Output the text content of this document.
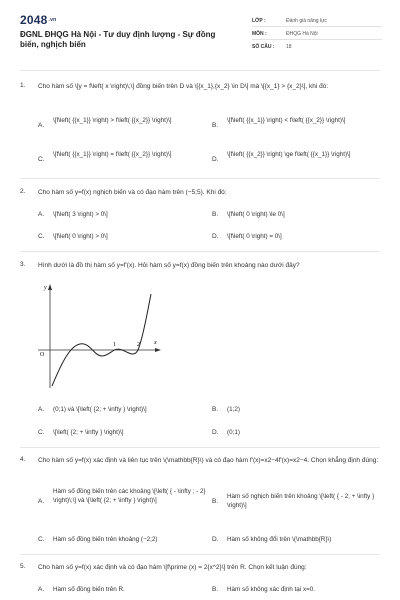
$2048^{.vn}$
ĐGNL ĐHQG Hà Nội - Tư duy định lượng - Sự đồng biến, nghịch biến
LỚP :	Đánh giá năng lực
MÔN :	ĐHQG Hà Nội
SỐ CÂU : 18
1. Cho hàm số \[y = f\left( x \right)\;\] đồng biến trên D và \[{x_1},{x_2} \in D\] mà \[{x_1} > {x_2}\], khi đó:
A.
\[f\left( {{x_1}} \right) > f\left( {{x_2}} \right)\]
B.
\[f\left( {{x_1}} \right) < f\left( {{x_2}} \right)\]
C.
\[f\left( {{x_1}} \right) = f\left( {{x_2}} \right)\]
D.
\[f\left( {{x_2}} \right) \ge f\left( {{x_1}} \right)\]
2. Cho hàm số y=f(x) nghịch biến và có đạo hàm trên (−5;5). Khi đó:
A. \[f\left( 3 \right) > 0\]	B. \[f\left( 0 \right) \le 0\]
C. \[f\left( 0 \right) > 0\]	D. \[f\left( 0 \right) = 0\]
3. Hình dưới là đồ thị hàm số y=f'(x). Hỏi hàm số y=f(x) đồng biến trên khoảng nào dưới đây?
y
x
O
1	2
A. (0;1) và \[\left( {2; + \infty } \right)\]	B. (1;2)
C. \[\left( {2; + \infty } \right)\]	D. (0;1)
4. Cho hàm số y=f(x) xác định và liên tục trên \(\mathbb{R}\) và có đạo hàm f'(x)=x2−4f'(x)=x2−4. Chọn khẳng định đúng:
A.
Hàm số đồng biến trên các khoảng \[\left( { - \infty ; - 2} \right)\;\] và \[\left( {2; + \infty } \right)\]	B.
Hàm số nghịch biến trên khoảng \[\left( { - 2; + \infty } \right)\]
C. Hàm số đồng biến trên khoảng (−2;2)	D. Hàm số không đổi trên \(\mathbb{R}\)
5. Cho hàm số y=f(x) xác định và có đạo hàm \[f\prime (x) = 2{x^2}\] trên R. Chọn kết luận đúng:
A. Hàm số đồng biến trên R.	B. Hàm số không xác định tại x=0.
